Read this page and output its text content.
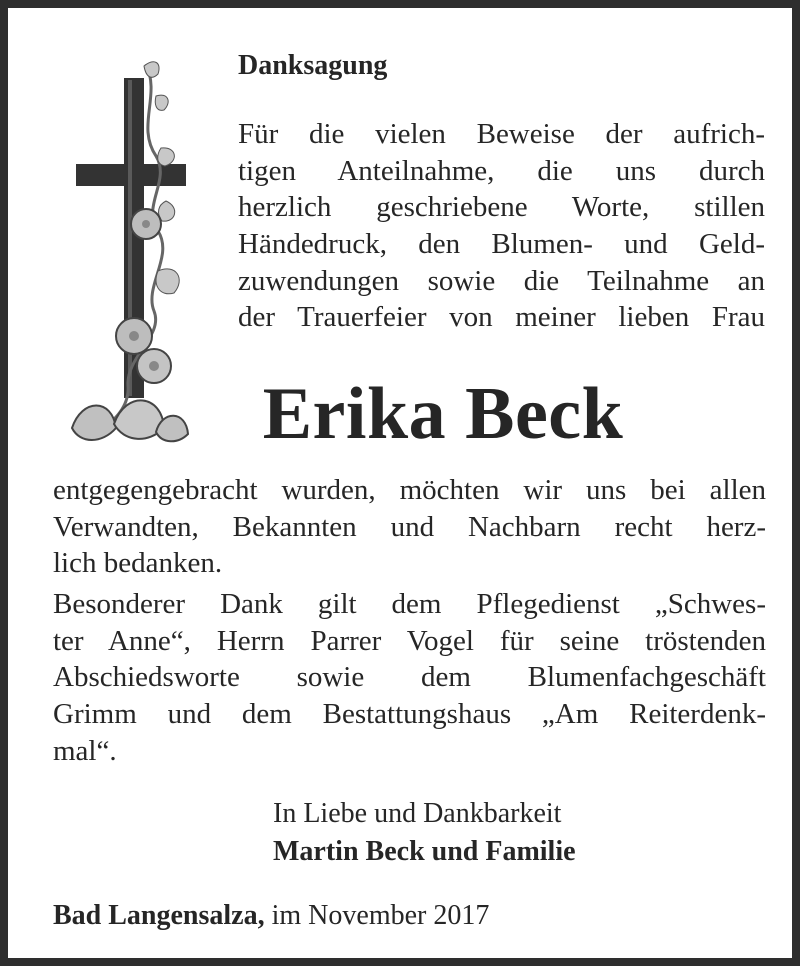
Danksagung
Für die vielen Beweise der aufrich-
tigen Anteilnahme, die uns durch
herzlich geschriebene Worte, stillen
Händedruck, den Blumen- und Geld-
zuwendungen sowie die Teilnahme an
der Trauerfeier von meiner lieben Frau
Erika Beck
entgegengebracht wurden, möchten wir uns bei allen
Verwandten, Bekannten und Nachbarn recht herz-
lich bedanken.
Besonderer Dank gilt dem Pflegedienst „Schwes-
ter Anne“, Herrn Parrer Vogel für seine tröstenden
Abschiedsworte sowie dem Blumenfachgeschäft
Grimm und dem Bestattungshaus „Am Reiterdenk-
mal“.
In Liebe und Dankbarkeit
Martin Beck und Familie
Bad Langensalza, im November 2017
